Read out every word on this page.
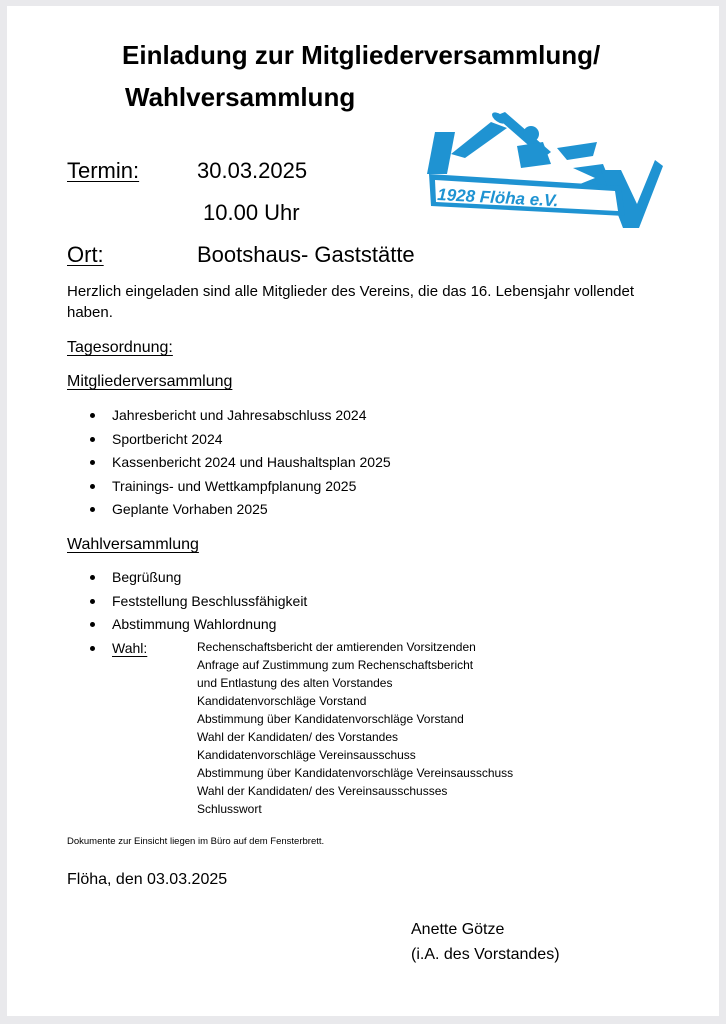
Einladung zur Mitgliederversammlung/
Wahlversammlung
1928 Flöha e.V.
Termin:	30.03.2025
10.00 Uhr
Ort:	Bootshaus- Gaststätte
Herzlich eingeladen sind alle Mitglieder des Vereins, die das 16. Lebensjahr vollendet
haben.
Tagesordnung:
Mitgliederversammlung
Jahresbericht und Jahresabschluss 2024
Sportbericht 2024
Kassenbericht 2024 und Haushaltsplan 2025
Trainings- und Wettkampfplanung 2025
Geplante Vorhaben 2025
Wahlversammlung
Begrüßung
Feststellung Beschlussfähigkeit
Abstimmung Wahlordnung
Wahl:	Rechenschaftsbericht der amtierenden Vorsitzenden
Anfrage auf Zustimmung zum Rechenschaftsbericht
und Entlastung des alten Vorstandes
Kandidatenvorschläge Vorstand
Abstimmung über Kandidatenvorschläge Vorstand
Wahl der Kandidaten/ des Vorstandes
Kandidatenvorschläge Vereinsausschuss
Abstimmung über Kandidatenvorschläge Vereinsausschuss
Wahl der Kandidaten/ des Vereinsausschusses
Schlusswort
Dokumente zur Einsicht liegen im Büro auf dem Fensterbrett.
Flöha, den 03.03.2025
Anette Götze
(i.A. des Vorstandes)
